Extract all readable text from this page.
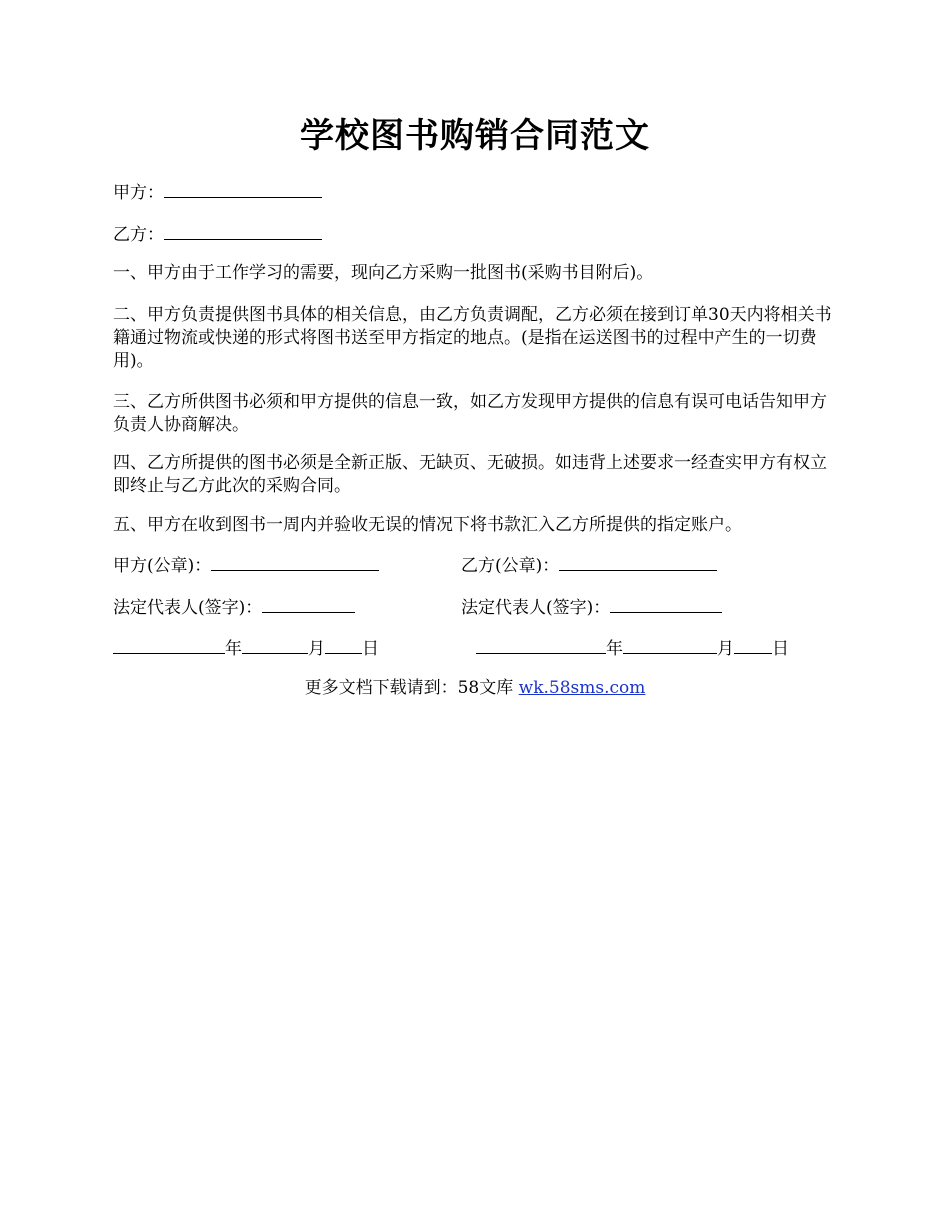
学校图书购销合同范文
甲方：
乙方：
一、甲方由于工作学习的需要，现向乙方采购一批图书(采购书目附后)。
二、甲方负责提供图书具体的相关信息，由乙方负责调配，乙方必须在接到订单30天内将相关书籍通过物流或快递的形式将图书送至甲方指定的地点。(是指在运送图书的过程中产生的一切费用)。
三、乙方所供图书必须和甲方提供的信息一致，如乙方发现甲方提供的信息有误可电话告知甲方负责人协商解决。
四、乙方所提供的图书必须是全新正版、无缺页、无破损。如违背上述要求一经查实甲方有权立即终止与乙方此次的采购合同。
五、甲方在收到图书一周内并验收无误的情况下将书款汇入乙方所提供的指定账户。
甲方(公章)：	乙方(公章)：
法定代表人(签字)：	法定代表人(签字)：
年	月 日	年	月 日
更多文档下载请到：58文库 wk.58sms.com
